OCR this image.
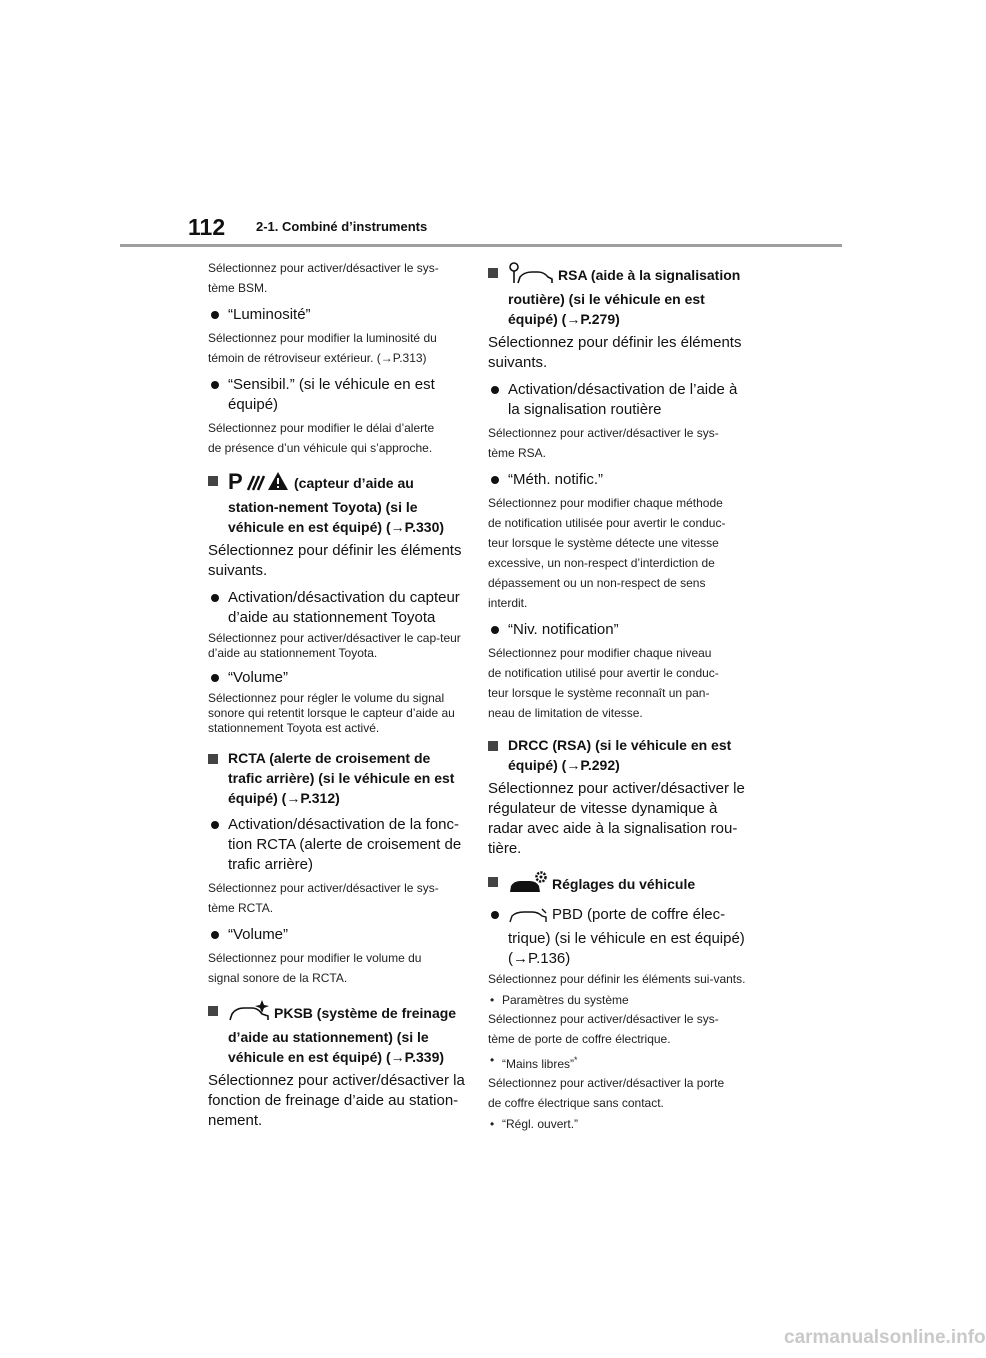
112 2-1. Combiné d’instruments

Sélectionnez pour activer/désactiver le sys-

tème BSM.

“Luminosité”

Sélectionnez pour modifier la luminosité du

témoin de rétroviseur extérieur. (→P.313)

“Sensibil.” (si le véhicule en est équipé)

Sélectionnez pour modifier le délai d’alerte

de présence d’un véhicule qui s’approche.

P	(capteur d’aide au station-nement Toyota) (si le véhicule en est équipé) (→P.330)

Sélectionnez pour définir les éléments suivants.

Activation/désactivation du capteur d’aide au stationnement Toyota

Sélectionnez pour activer/désactiver le cap-teur d’aide au stationnement Toyota.

“Volume”

Sélectionnez pour régler le volume du signal sonore qui retentit lorsque le capteur d’aide au stationnement Toyota est activé.

RCTA (alerte de croisement de trafic arrière) (si le véhicule en est équipé) (→P.312)
Activation/désactivation de la fonc-tion RCTA (alerte de croisement de trafic arrière)

Sélectionnez pour activer/désactiver le sys-

tème RCTA.

“Volume”

Sélectionnez pour modifier le volume du

signal sonore de la RCTA.

PKSB (système de freinage d’aide au stationnement) (si le véhicule en est équipé) (→P.339)

Sélectionnez pour activer/désactiver la fonction de freinage d’aide au station-nement.

RSA (aide à la signalisation routière) (si le véhicule en est équipé) (→P.279)

Sélectionnez pour définir les éléments suivants.

Activation/désactivation de l’aide à la signalisation routière

Sélectionnez pour activer/désactiver le sys-

tème RSA.

“Méth. notific.”

Sélectionnez pour modifier chaque méthode

de notification utilisée pour avertir le conduc-

teur lorsque le système détecte une vitesse

excessive, un non-respect d’interdiction de

dépassement ou un non-respect de sens

interdit.

“Niv. notification”

Sélectionnez pour modifier chaque niveau

de notification utilisé pour avertir le conduc-

teur lorsque le système reconnaît un pan-

neau de limitation de vitesse.

DRCC (RSA) (si le véhicule en est équipé) (→P.292)

Sélectionnez pour activer/désactiver le régulateur de vitesse dynamique à radar avec aide à la signalisation rou-tière.

Réglages du véhicule
PBD (porte de coffre élec-trique) (si le véhicule en est équipé) (→P.136)

Sélectionnez pour définir les éléments sui-vants.

• Paramètres du système

Sélectionnez pour activer/désactiver le sys-

tème de porte de coffre électrique.

• “Mains libres”*

Sélectionnez pour activer/désactiver la porte

de coffre électrique sans contact.

• “Régl. ouvert.”
carmanualsonline.info
